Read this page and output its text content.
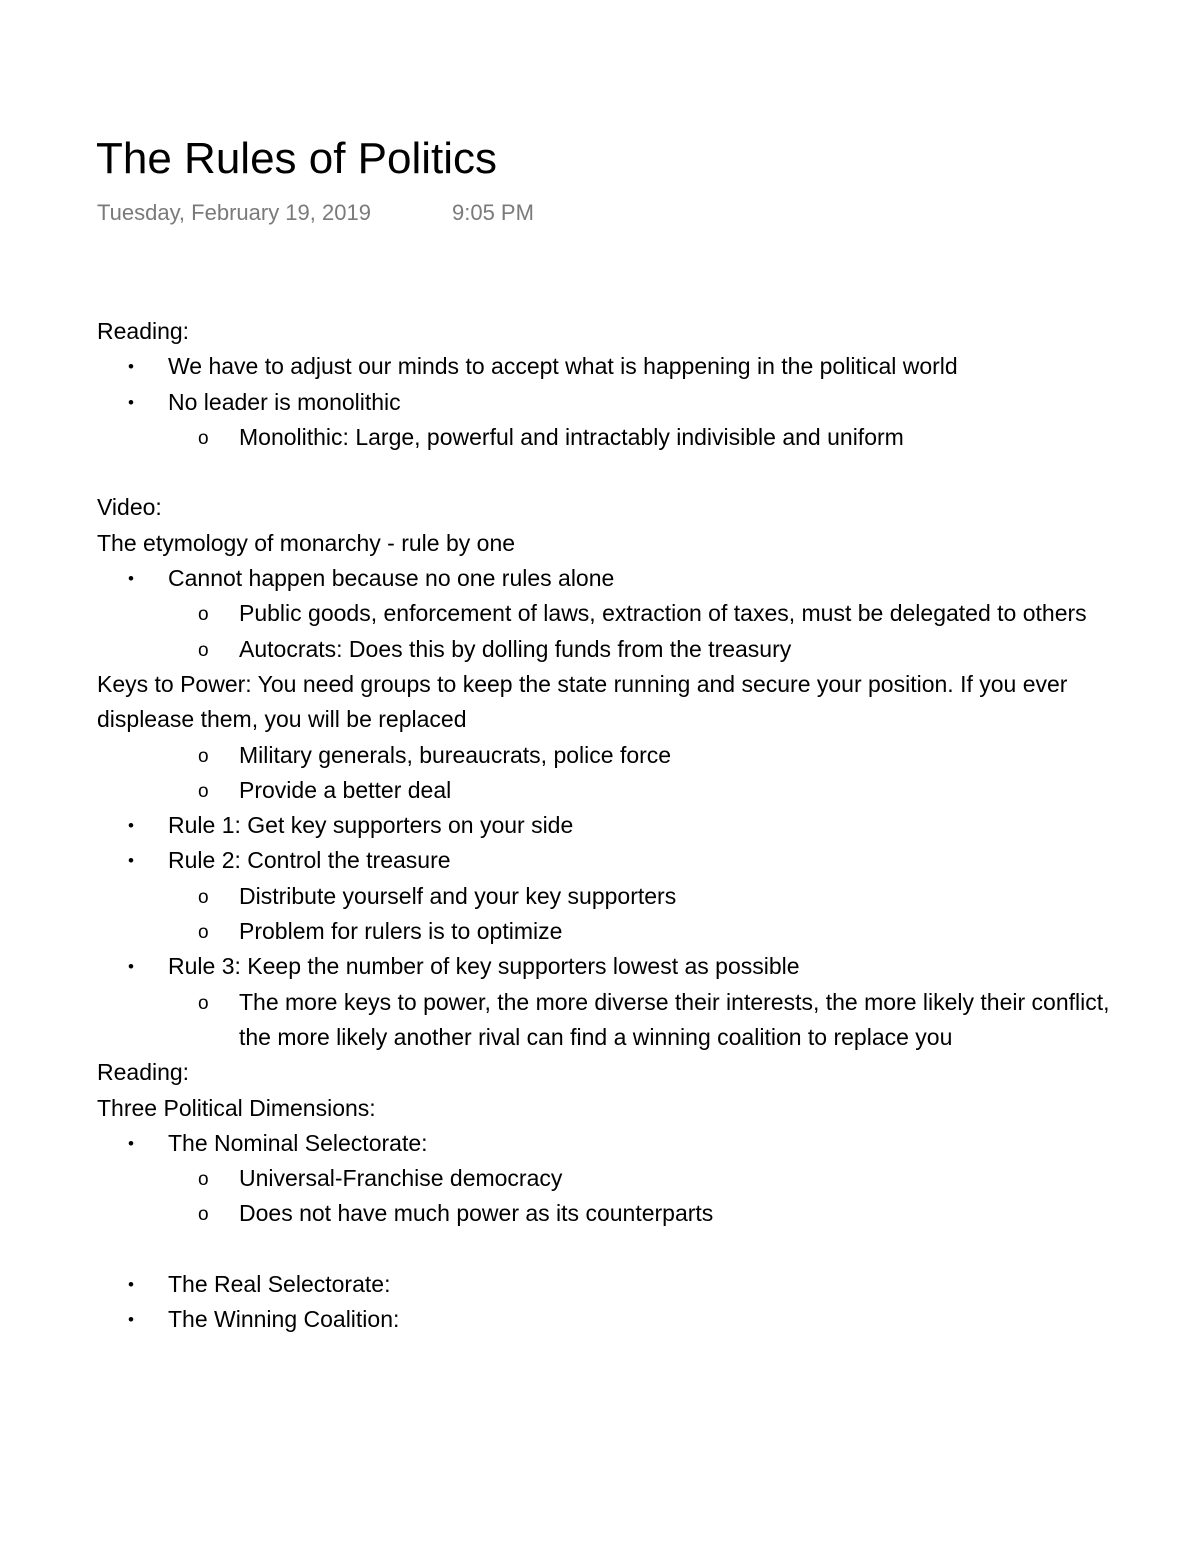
The Rules of Politics
Tuesday, February 19, 2019	9:05 PM
Reading:
• We have to adjust our minds to accept what is happening in the political world
• No leader is monolithic
o Monolithic: Large, powerful and intractably indivisible and uniform
Video:
The etymology of monarchy - rule by one
• Cannot happen because no one rules alone
o Public goods, enforcement of laws, extraction of taxes, must be delegated to others
o Autocrats: Does this by dolling funds from the treasury
Keys to Power: You need groups to keep the state running and secure your position. If you ever displease them, you will be replaced
o Military generals, bureaucrats, police force
o Provide a better deal
• Rule 1: Get key supporters on your side
• Rule 2: Control the treasure
o Distribute yourself and your key supporters
o Problem for rulers is to optimize
• Rule 3: Keep the number of key supporters lowest as possible
o The more keys to power, the more diverse their interests, the more likely their conflict, the more likely another rival can find a winning coalition to replace you
Reading:
Three Political Dimensions:
• The Nominal Selectorate:
o Universal-Franchise democracy
o Does not have much power as its counterparts
• The Real Selectorate:
• The Winning Coalition:
